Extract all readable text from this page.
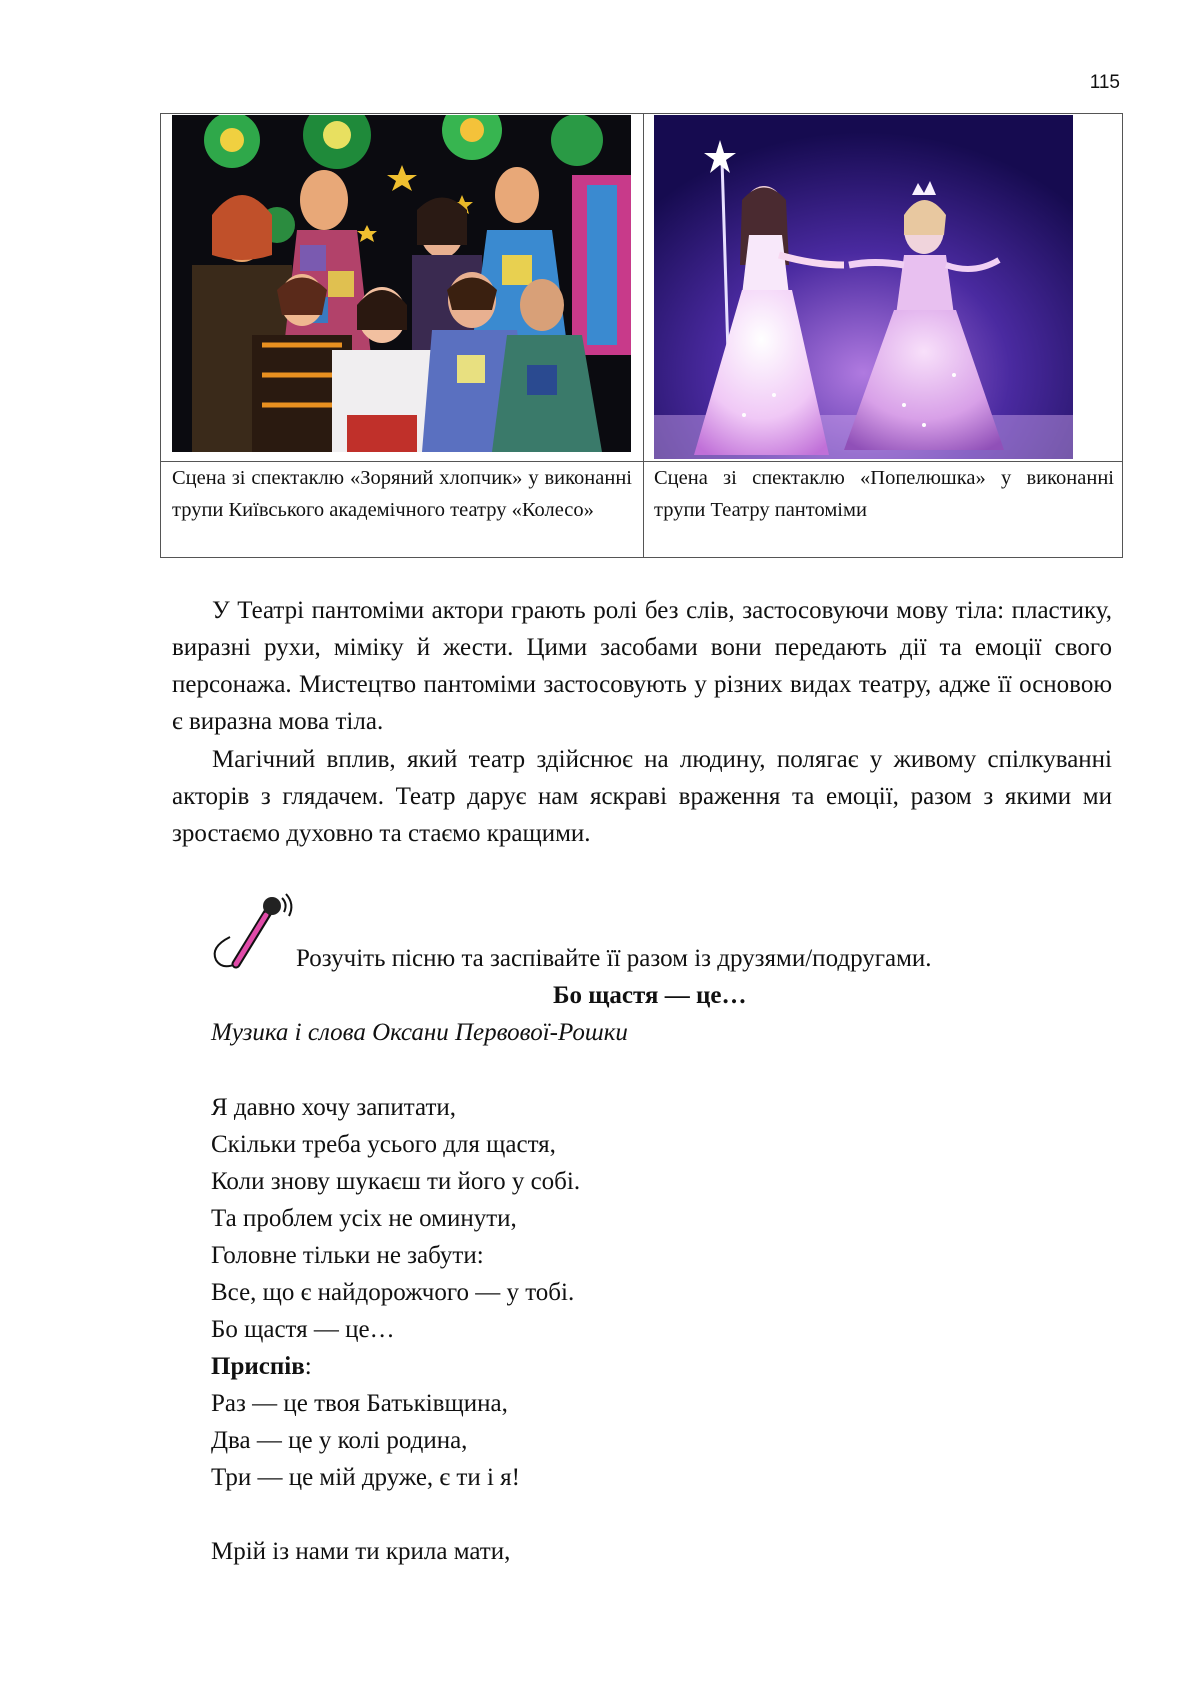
115
Сцена зі спектаклю «Зоряний хлопчик» у виконанні трупи Київського академічного театру «Колесо»
Сцена зі спектаклю «Попелюшка» у виконанні трупи Театру пантоміми

У Театрі пантоміми актори грають ролі без слів, застосовуючи мову тіла: пластику, виразні рухи, міміку й жести. Цими засобами вони передають дії та емоції свого персонажа. Мистецтво пантоміми застосовують у різних видах театру, адже її основою є виразна мова тіла.

Магічний вплив, який театр здійснює на людину, полягає у живому спілкуванні акторів з глядачем. Театр дарує нам яскраві враження та емоції, разом з якими ми зростаємо духовно та стаємо кращими.

Розучіть пісню та заспівайте її разом із друзями/подругами.
Бо щастя — це…
Музика і слова Оксани Первової-Рошки
Я давно хочу запитати,
Скільки треба усього для щастя,
Коли знову шукаєш ти його у собі.
Та проблем усіх не оминути,
Головне тільки не забути:
Все, що є найдорожчого — у тобі.
Бо щастя — це…
Приспів:
Раз — це твоя Батьківщина,
Два — це у колі родина,
Три — це мій друже, є ти і я!
Мрій із нами ти крила мати,
